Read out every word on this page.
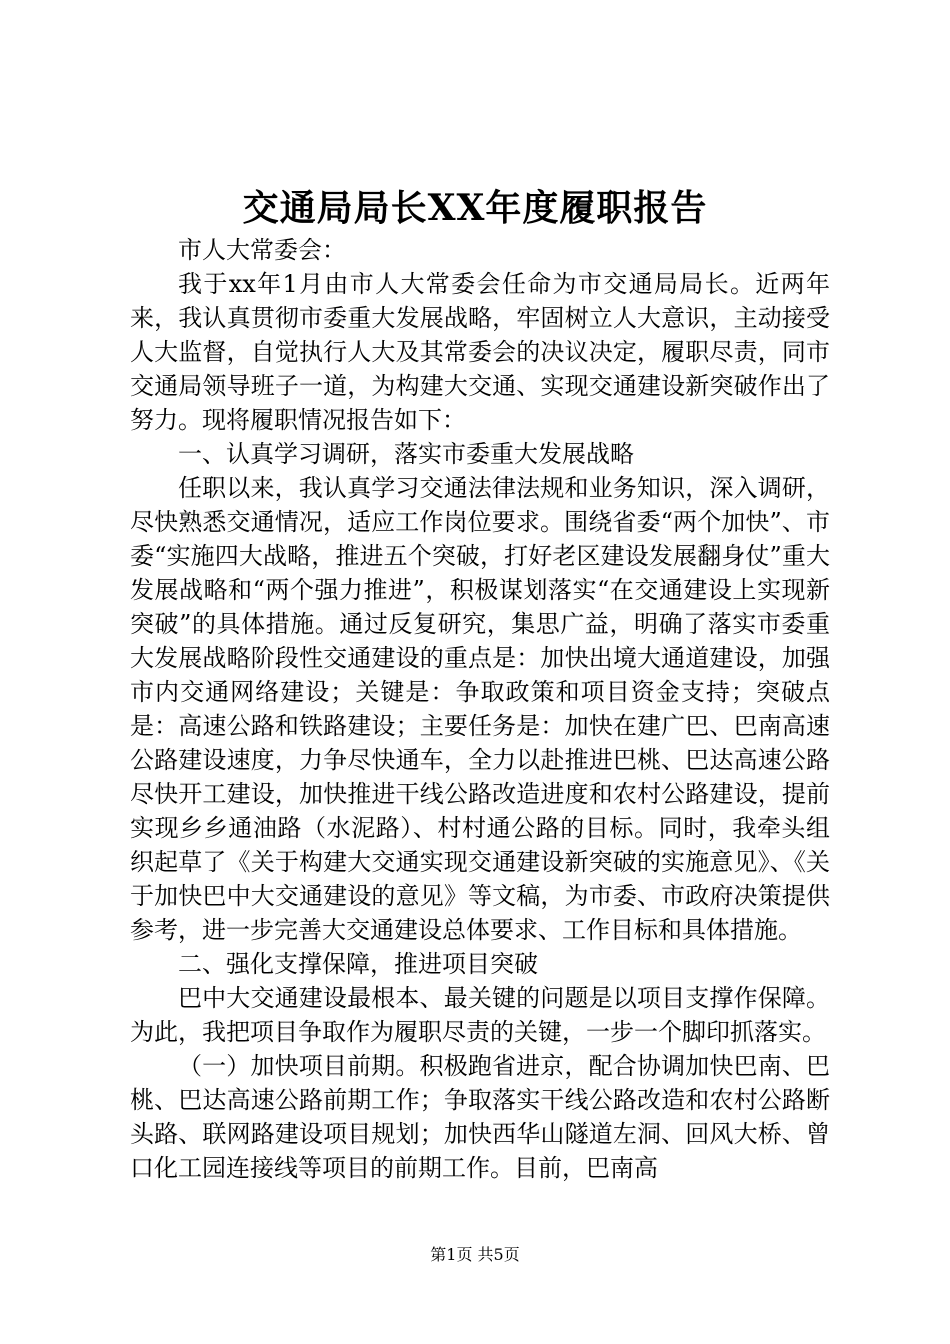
交通局局长XX年度履职报告

市人大常委会：

我于xx年1月由市人大常委会任命为市交通局局长。近两年来，我认真贯彻市委重大发展战略，牢固树立人大意识，主动接受人大监督，自觉执行人大及其常委会的决议决定，履职尽责，同市交通局领导班子一道，为构建大交通、实现交通建设新突破作出了努力。现将履职情况报告如下：

一、认真学习调研，落实市委重大发展战略

任职以来，我认真学习交通法律法规和业务知识，深入调研，尽快熟悉交通情况，适应工作岗位要求。围绕省委“两个加快”、市委“实施四大战略，推进五个突破，打好老区建设发展翻身仗”重大发展战略和“两个强力推进”，积极谋划落实“在交通建设上实现新突破”的具体措施。通过反复研究，集思广益，明确了落实市委重大发展战略阶段性交通建设的重点是：加快出境大通道建设，加强市内交通网络建设；关键是：争取政策和项目资金支持；突破点是：高速公路和铁路建设；主要任务是：加快在建广巴、巴南高速公路建设速度，力争尽快通车，全力以赴推进巴桃、巴达高速公路尽快开工建设，加快推进干线公路改造进度和农村公路建设，提前实现乡乡通油路（水泥路）、村村通公路的目标。同时，我牵头组织起草了《关于构建大交通实现交通建设新突破的实施意见》、《关于加快巴中大交通建设的意见》等文稿，为市委、市政府决策提供参考，进一步完善大交通建设总体要求、工作目标和具体措施。

二、强化支撑保障，推进项目突破

巴中大交通建设最根本、最关键的问题是以项目支撑作保障。为此，我把项目争取作为履职尽责的关键，一步一个脚印抓落实。

（一）加快项目前期。积极跑省进京，配合协调加快巴南、巴桃、巴达高速公路前期工作；争取落实干线公路改造和农村公路断头路、联网路建设项目规划；加快西华山隧道左洞、回风大桥、曾口化工园连接线等项目的前期工作。目前，巴南高

第1页 共5页
